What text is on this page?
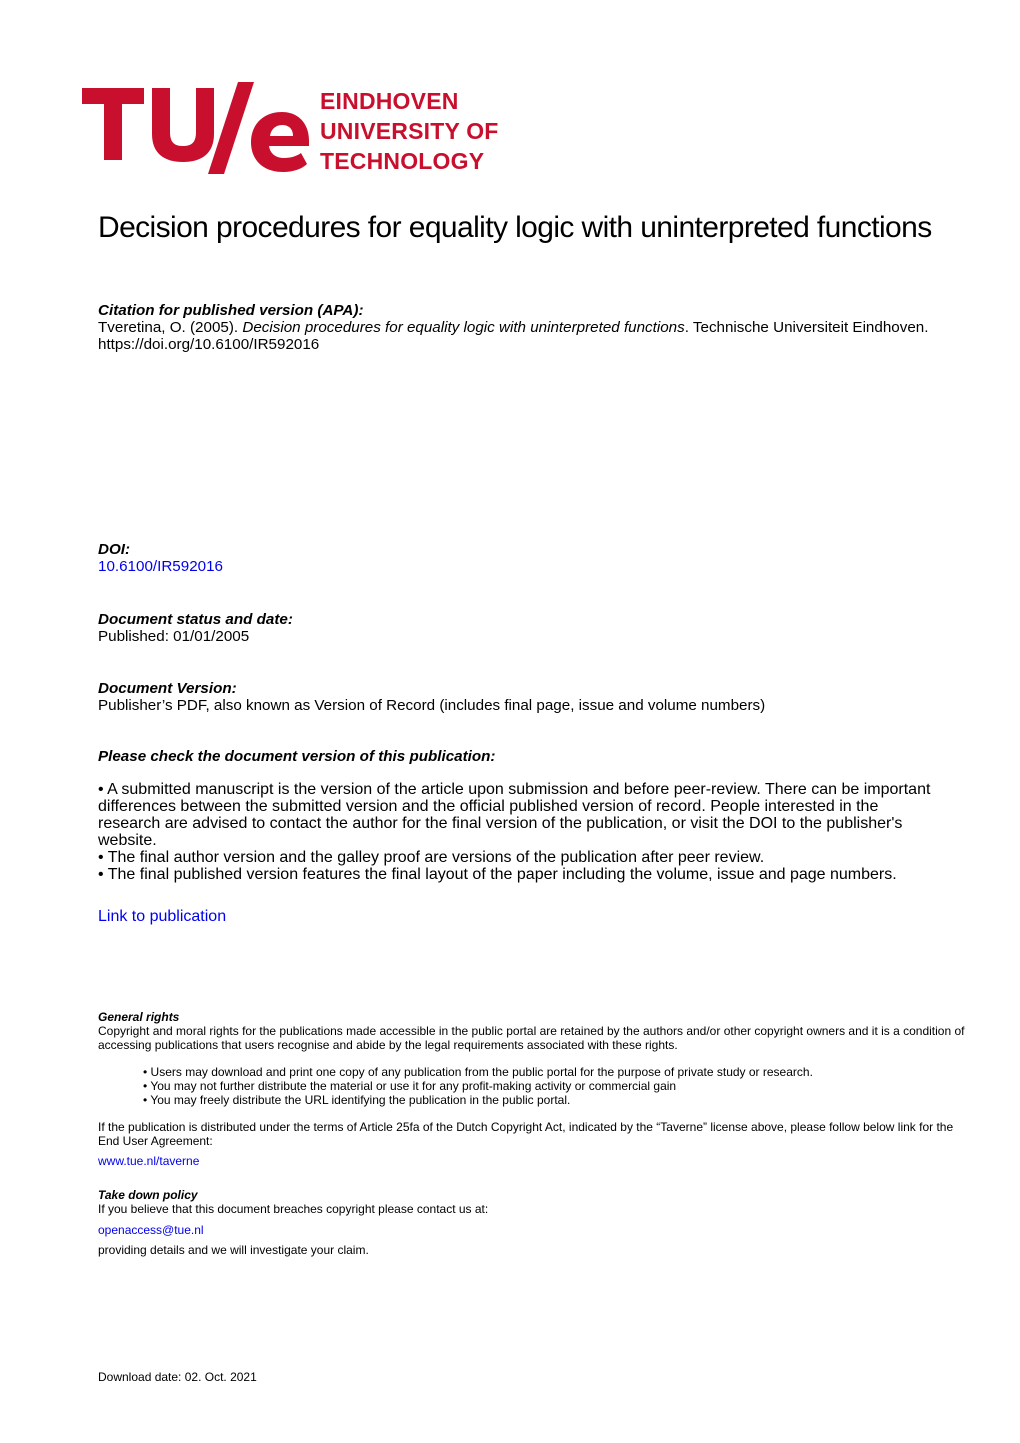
EINDHOVEN
UNIVERSITY OF
TECHNOLOGY
Decision procedures for equality logic with uninterpreted functions
Citation for published version (APA):
Tveretina, O. (2005). Decision procedures for equality logic with uninterpreted functions. Technische Universiteit Eindhoven. https://doi.org/10.6100/IR592016
DOI:
10.6100/IR592016
Document status and date:
Published: 01/01/2005
Document Version:
Publisher’s PDF, also known as Version of Record (includes final page, issue and volume numbers)
Please check the document version of this publication:

• A submitted manuscript is the version of the article upon submission and before peer-review. There can be important differences between the submitted version and the official published version of record. People interested in the research are advised to contact the author for the final version of the publication, or visit the DOI to the publisher's website.

• The final author version and the galley proof are versions of the publication after peer review.

• The final published version features the final layout of the paper including the volume, issue and page numbers.

Link to publication
General rights
Copyright and moral rights for the publications made accessible in the public portal are retained by the authors and/or other copyright owners and it is a condition of accessing publications that users recognise and abide by the legal requirements associated with these rights.
• Users may download and print one copy of any publication from the public portal for the purpose of private study or research.
• You may not further distribute the material or use it for any profit-making activity or commercial gain
• You may freely distribute the URL identifying the publication in the public portal.
If the publication is distributed under the terms of Article 25fa of the Dutch Copyright Act, indicated by the “Taverne” license above, please follow below link for the End User Agreement:
www.tue.nl/taverne
Take down policy
If you believe that this document breaches copyright please contact us at:
openaccess@tue.nl
providing details and we will investigate your claim.
Download date: 02. Oct. 2021
